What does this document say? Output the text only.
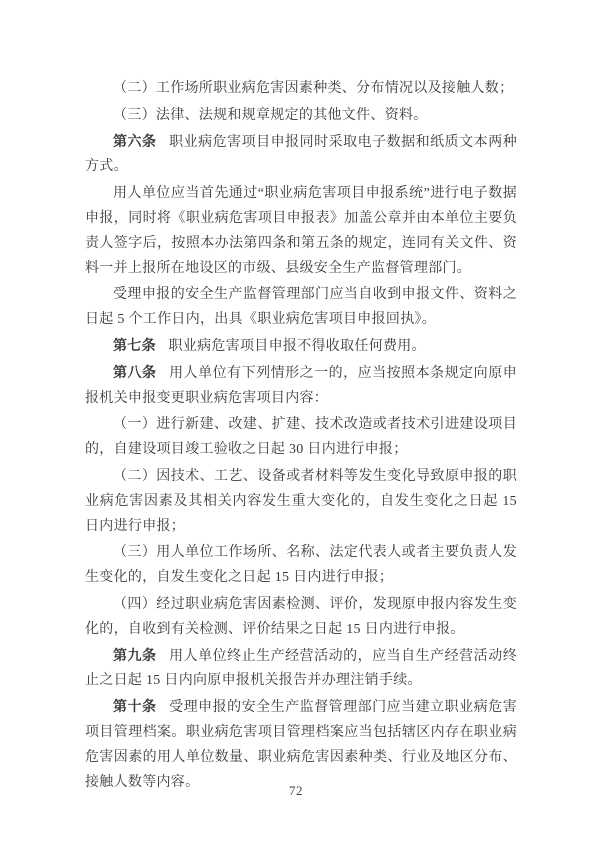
（二）工作场所职业病危害因素种类、分布情况以及接触人数；

（三）法律、法规和规章规定的其他文件、资料。

第六条 职业病危害项目申报同时采取电子数据和纸质文本两种方式。

用人单位应当首先通过“职业病危害项目申报系统”进行电子数据申报，同时将《职业病危害项目申报表》加盖公章并由本单位主要负责人签字后，按照本办法第四条和第五条的规定，连同有关文件、资料一并上报所在地设区的市级、县级安全生产监督管理部门。

受理申报的安全生产监督管理部门应当自收到申报文件、资料之日起 5 个工作日内，出具《职业病危害项目申报回执》。

第七条 职业病危害项目申报不得收取任何费用。

第八条 用人单位有下列情形之一的，应当按照本条规定向原申报机关申报变更职业病危害项目内容：

（一）进行新建、改建、扩建、技术改造或者技术引进建设项目的，自建设项目竣工验收之日起 30 日内进行申报；

（二）因技术、工艺、设备或者材料等发生变化导致原申报的职业病危害因素及其相关内容发生重大变化的，自发生变化之日起 15 日内进行申报；

（三）用人单位工作场所、名称、法定代表人或者主要负责人发生变化的，自发生变化之日起 15 日内进行申报；

（四）经过职业病危害因素检测、评价，发现原申报内容发生变化的，自收到有关检测、评价结果之日起 15 日内进行申报。

第九条 用人单位终止生产经营活动的，应当自生产经营活动终止之日起 15 日内向原申报机关报告并办理注销手续。

第十条 受理申报的安全生产监督管理部门应当建立职业病危害项目管理档案。职业病危害项目管理档案应当包括辖区内存在职业病危害因素的用人单位数量、职业病危害因素种类、行业及地区分布、接触人数等内容。

72
